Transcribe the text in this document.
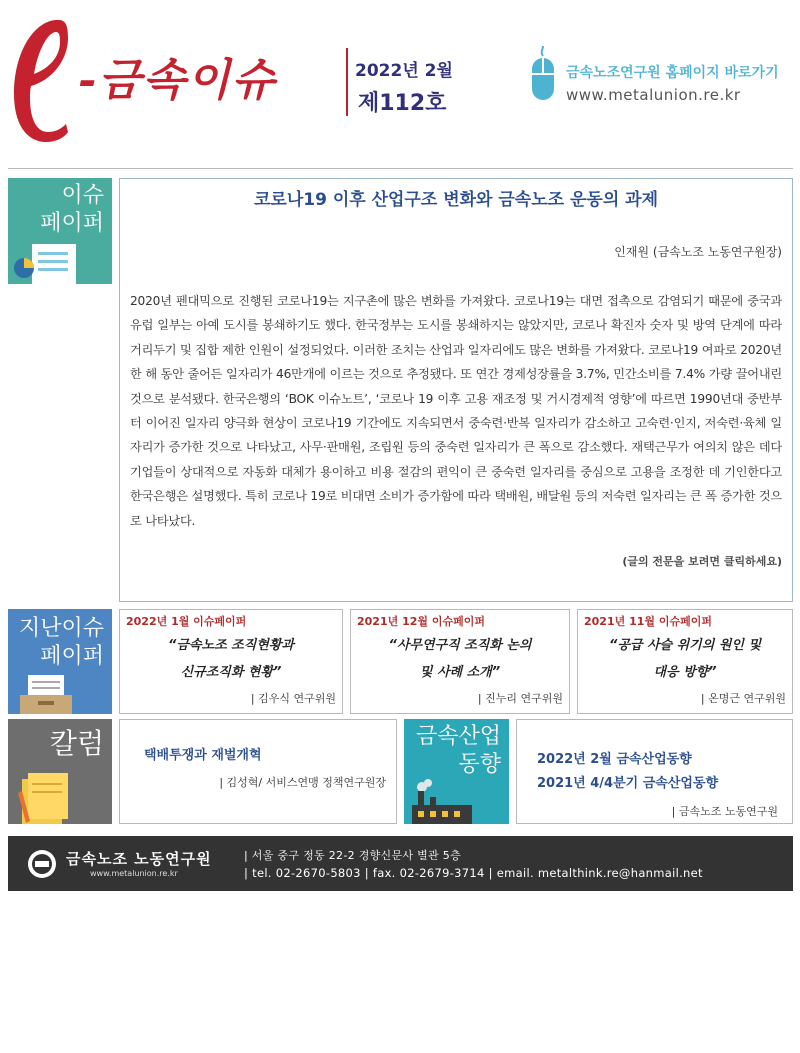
-금속이슈	2022년 2월
제112호
금속노조연구원 홈페이지 바로가기
www.metalunion.re.kr
이슈
페이퍼
코로나19 이후 산업구조 변화와 금속노조 운동의 과제
인재원 (금속노조 노동연구원장)
2020년 펜대믹으로 진행된 코로나19는 지구촌에 많은 변화를 가져왔다. 코로나19는 대면 접촉으로 감염되기 때문에 중국과 유럽 일부는 아예 도시를 봉쇄하기도 했다. 한국정부는 도시를 봉쇄하지는 않았지만, 코로나 확진자 숫자 및 방역 단계에 따라 거리두기 및 집합 제한 인원이 설정되었다. 이러한 조치는 산업과 일자리에도 많은 변화를 가져왔다. 코로나19 여파로 2020년 한 해 동안 줄어든 일자리가 46만개에 이르는 것으로 추정됐다. 또 연간 경제성장률을 3.7%, 민간소비를 7.4% 가량 끌어내린 것으로 분석됐다. 한국은행의 ‘BOK 이슈노트’, ‘코로나 19 이후 고용 재조정 및 거시경제적 영향’에 따르면 1990년대 중반부터 이어진 일자리 양극화 현상이 코로나19 기간에도 지속되면서 중숙련·반복 일자리가 감소하고 고숙련·인지, 저숙련·육체 일자리가 증가한 것으로 나타났고, 사무·판매원, 조립원 등의 중숙련 일자리가 큰 폭으로 감소했다. 재택근무가 여의치 않은 데다 기업들이 상대적으로 자동화 대체가 용이하고 비용 절감의 편익이 큰 중숙련 일자리를 중심으로 고용을 조정한 데 기인한다고 한국은행은 설명했다. 특히 코로나 19로 비대면 소비가 증가함에 따라 택배원, 배달원 등의 저숙련 일자리는 큰 폭 증가한 것으로 나타났다.
(글의 전문을 보려면 클릭하세요)
지난이슈
페이퍼
2022년 1월 이슈페이퍼
“금속노조 조직현황과
신규조직화 현황”
| 김우식 연구위원
2021년 12월 이슈페이퍼
“사무연구직 조직화 논의
및 사례 소개”
| 진누리 연구위원
2021년 11월 이슈페이퍼
“공급 사슬 위기의 원인 및
대응 방향”
| 온명근 연구위원
칼럼	택배투쟁과 재벌개혁
| 김성혁/ 서비스연맹 정책연구원장
금속산업
동향	2022년 2월 금속산업동향
2021년 4/4분기 금속산업동향
| 금속노조 노동연구원
금속노조 노동연구원
www.metalunion.re.kr
| 서울 중구 정동 22-2 경향신문사 별관 5층
| tel. 02-2670-5803 | fax. 02-2679-3714 | email. metalthink.re@hanmail.net
